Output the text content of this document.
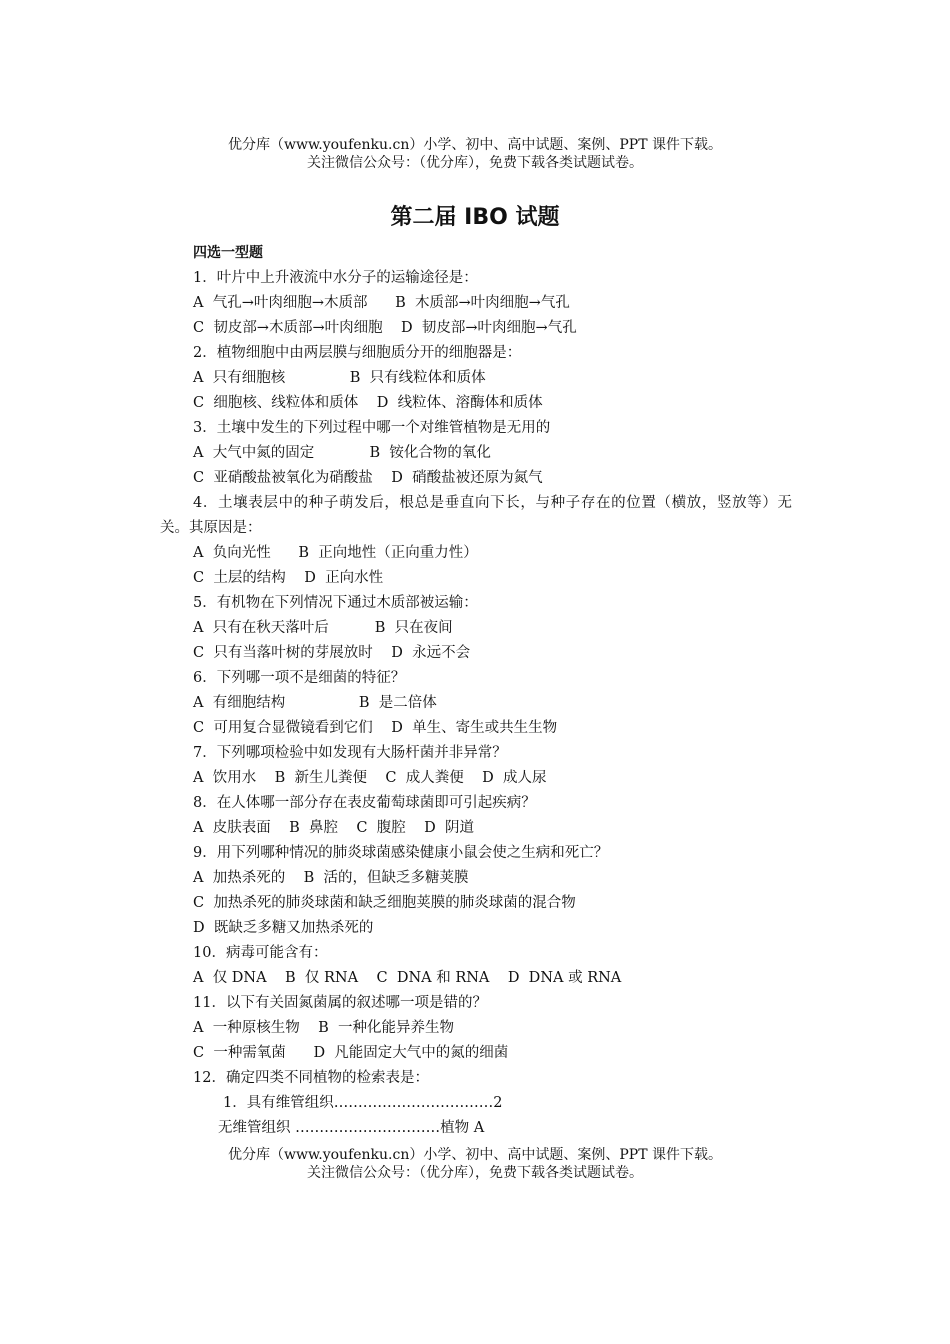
优分库（www.youfenku.cn）小学、初中、高中试题、案例、PPT 课件下载。
关注微信公众号：（优分库），免费下载各类试题试卷。
第二届 IBO 试题
四选一型题
1．叶片中上升液流中水分子的运输途径是：
A  气孔→叶肉细胞→木质部      B  木质部→叶肉细胞→气孔
C  韧皮部→木质部→叶肉细胞    D  韧皮部→叶肉细胞→气孔
2．植物细胞中由两层膜与细胞质分开的细胞器是：
A  只有细胞核              B  只有线粒体和质体
C  细胞核、线粒体和质体    D  线粒体、溶酶体和质体
3．土壤中发生的下列过程中哪一个对维管植物是无用的
A  大气中氮的固定            B  铵化合物的氧化
C  亚硝酸盐被氧化为硝酸盐    D  硝酸盐被还原为氮气
4．土壤表层中的种子萌发后，根总是垂直向下长，与种子存在的位置（横放，竖放等）无关。其原因是：
A  负向光性      B  正向地性（正向重力性）
C  土层的结构    D  正向水性
5．有机物在下列情况下通过木质部被运输：
A  只有在秋天落叶后          B  只在夜间
C  只有当落叶树的芽展放时    D  永远不会
6．下列哪一项不是细菌的特征？
A  有细胞结构                B  是二倍体
C  可用复合显微镜看到它们    D  单生、寄生或共生生物
7．下列哪项检验中如发现有大肠杆菌并非异常？
A  饮用水    B  新生儿粪便    C  成人粪便    D  成人尿
8．在人体哪一部分存在表皮葡萄球菌即可引起疾病？
A  皮肤表面    B  鼻腔    C  腹腔    D  阴道
9．用下列哪种情况的肺炎球菌感染健康小鼠会使之生病和死亡？
A  加热杀死的    B  活的，但缺乏多糖荚膜
C  加热杀死的肺炎球菌和缺乏细胞荚膜的肺炎球菌的混合物
D  既缺乏多糖又加热杀死的
10．病毒可能含有：
A  仅 DNA    B  仅 RNA    C  DNA 和 RNA    D  DNA 或 RNA
11．以下有关固氮菌属的叙述哪一项是错的？
A  一种原核生物    B  一种化能异养生物
C  一种需氧菌      D  凡能固定大气中的氮的细菌
12．确定四类不同植物的检索表是：
1．具有维管组织……………………………2
无维管组织 …………………………植物 A
优分库（www.youfenku.cn）小学、初中、高中试题、案例、PPT 课件下载。
关注微信公众号：（优分库），免费下载各类试题试卷。
